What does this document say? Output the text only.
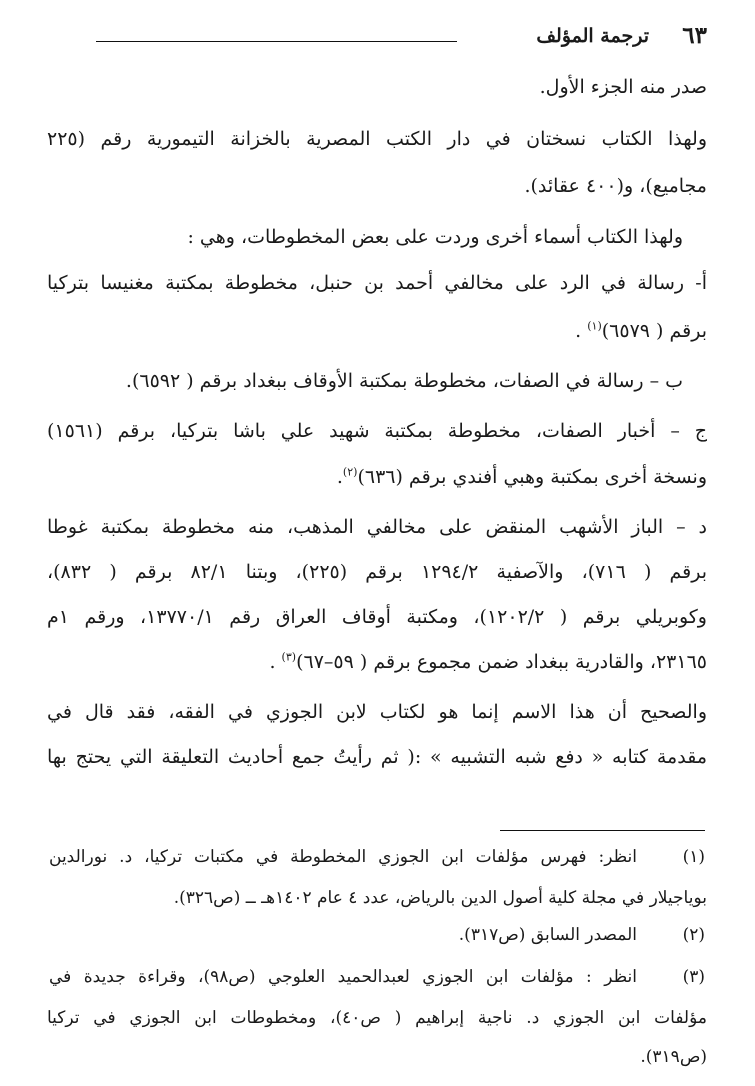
٦٣
ترجمة المؤلف
صدر منه الجزء الأول.
ولهذا الكتاب نسختان في دار الكتب المصرية بالخزانة التيمورية رقم (٢٢٥
مجاميع)، و(٤٠٠ عقائد).
ولهذا الكتاب أسماء أخرى وردت على بعض المخطوطات، وهي :
أ- رسالة في الرد على مخالفي أحمد بن حنبل، مخطوطة بمكتبة مغنيسا بتركيا
برقم ( ٦٥٧٩)$^{(١)}$ .
ب – رسالة في الصفات، مخطوطة بمكتبة الأوقاف ببغداد برقم ( ٦٥٩٢).
ج – أخبار الصفات، مخطوطة بمكتبة شهيد علي باشا بتركيا، برقم (١٥٦١)
ونسخة أخرى بمكتبة وهبي أفندي برقم (٦٣٦)$^{(٢)}$.
د – الباز الأشهب المنقض على مخالفي المذهب، منه مخطوطة بمكتبة غوطا
برقم ( ٧١٦)، والآصفية ١٢٩٤/٢ برقم (٢٢٥)، وبتنا ٨٢/١ برقم ( ٨٣٢)،
وكوبريلي برقم ( ١٢٠٢/٢)، ومكتبة أوقاف العراق رقم ١٣٧٧٠/١، ورقم ١م
٢٣١٦٥، والقادرية ببغداد ضمن مجموع برقم ( ٥٩–٦٧)$^{(٣)}$ .
والصحيح أن هذا الاسم إنما هو لكتاب لابن الجوزي في الفقه، فقد قال في
مقدمة كتابه « دفع شبه التشبيه » :( ثم رأيتُ جمع أحاديث التعليقة التي يحتج بها
(١)
انظر: فهرس مؤلفات ابن الجوزي المخطوطة في مكتبات تركيا، د. نورالدين
بوياجيلار في مجلة كلية أصول الدين بالرياض، عدد ٤ عام ١٤٠٢هـ ــ (ص٣٢٦).
(٢)
المصدر السابق (ص٣١٧).
(٣)
انظر : مؤلفات ابن الجوزي لعبدالحميد العلوجي (ص٩٨)، وقراءة جديدة في
مؤلفات ابن الجوزي د. ناجية إبراهيم ( ص٤٠)، ومخطوطات ابن الجوزي في تركيا
(ص٣١٩).
